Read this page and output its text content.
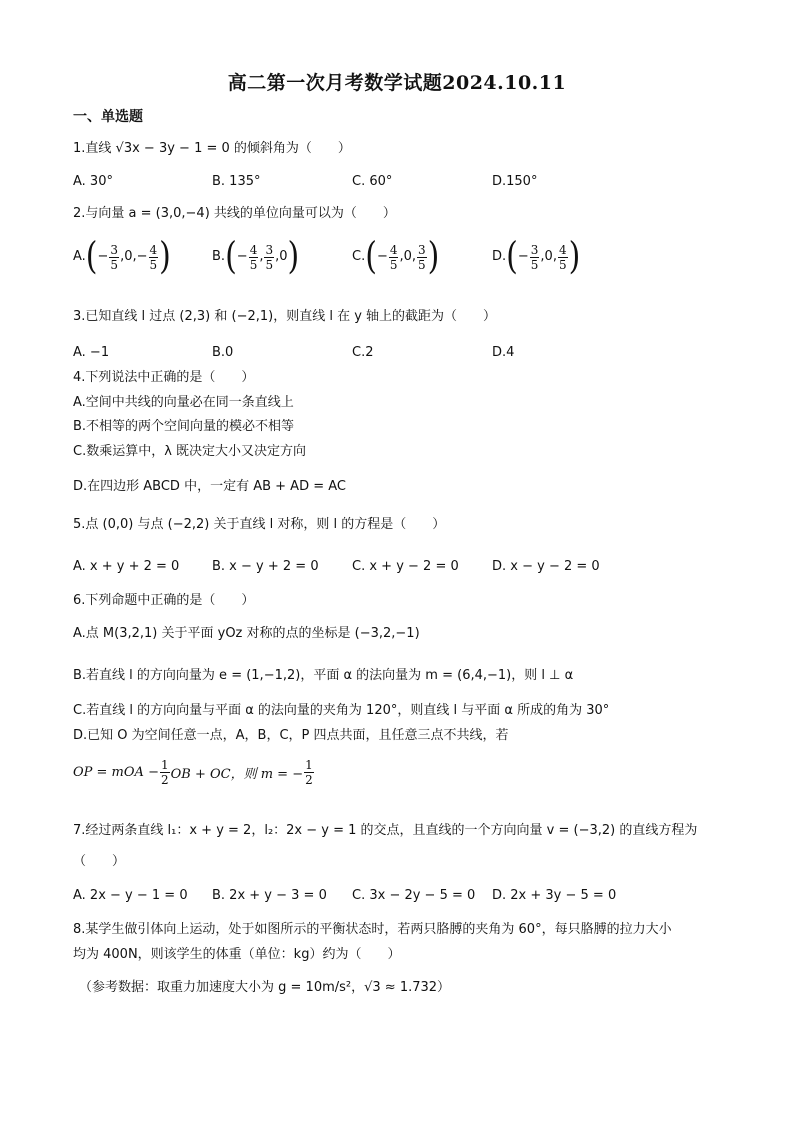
高二第一次月考数学试题2024.10.11
一、单选题
1.直线 √3x − 3y − 1 = 0 的倾斜角为（　　）
A. 30°	B. 135°	C. 60°	D.150°
2.与向量 a = (3,0,−4) 共线的单位向量可以为（　　）
A. ( − $\frac{3}{5} ,0,- \frac{4}{5}$ )	B. ( − $\frac{4}{5}$ , $\frac{3}{5} ,0$ )	C. ( − $\frac{4}{5} ,0$, $\frac{3}{5}$ )	D. ( − $\frac{3}{5} ,0$, $\frac{4}{5}$ )
3.已知直线 l 过点 (2,3) 和 (−2,1)，则直线 l 在 y 轴上的截距为（　　）
A. −1	B.0	C.2	D.4
4.下列说法中正确的是（　　）
A.空间中共线的向量必在同一条直线上
B.不相等的两个空间向量的模必不相等
C.数乘运算中，λ 既决定大小又决定方向
D.在四边形 ABCD 中，一定有 AB + AD = AC
5.点 (0,0) 与点 (−2,2) 关于直线 l 对称，则 l 的方程是（　　）
A. x + y + 2 = 0	B. x − y + 2 = 0	C. x + y − 2 = 0	D. x − y − 2 = 0
6.下列命题中正确的是（　　）
A.点 M(3,2,1) 关于平面 yOz 对称的点的坐标是 (−3,2,−1)
B.若直线 l 的方向向量为 e = (1,−1,2)，平面 α 的法向量为 m = (6,4,−1)，则 l ⊥ α
C.若直线 l 的方向向量与平面 α 的法向量的夹角为 120°，则直线 l 与平面 α 所成的角为 30°
D.已知 O 为空间任意一点，A，B，C，P 四点共面，且任意三点不共线，若
OP = mOA − $\frac{1}{2}$ OB + OC，则 m = − $\frac{1}{2}$
7.经过两条直线 l₁：x + y = 2，l₂：2x − y = 1 的交点，且直线的一个方向向量 v = (−3,2) 的直线方程为
（　　）
A. 2x − y − 1 = 0 B. 2x + y − 3 = 0 C. 3x − 2y − 5 = 0 D. 2x + 3y − 5 = 0
8.某学生做引体向上运动，处于如图所示的平衡状态时，若两只胳膊的夹角为 60°，每只胳膊的拉力大小
均为 400N，则该学生的体重（单位：kg）约为（　　）
（参考数据：取重力加速度大小为 g = 10m/s²，√3 ≈ 1.732）
